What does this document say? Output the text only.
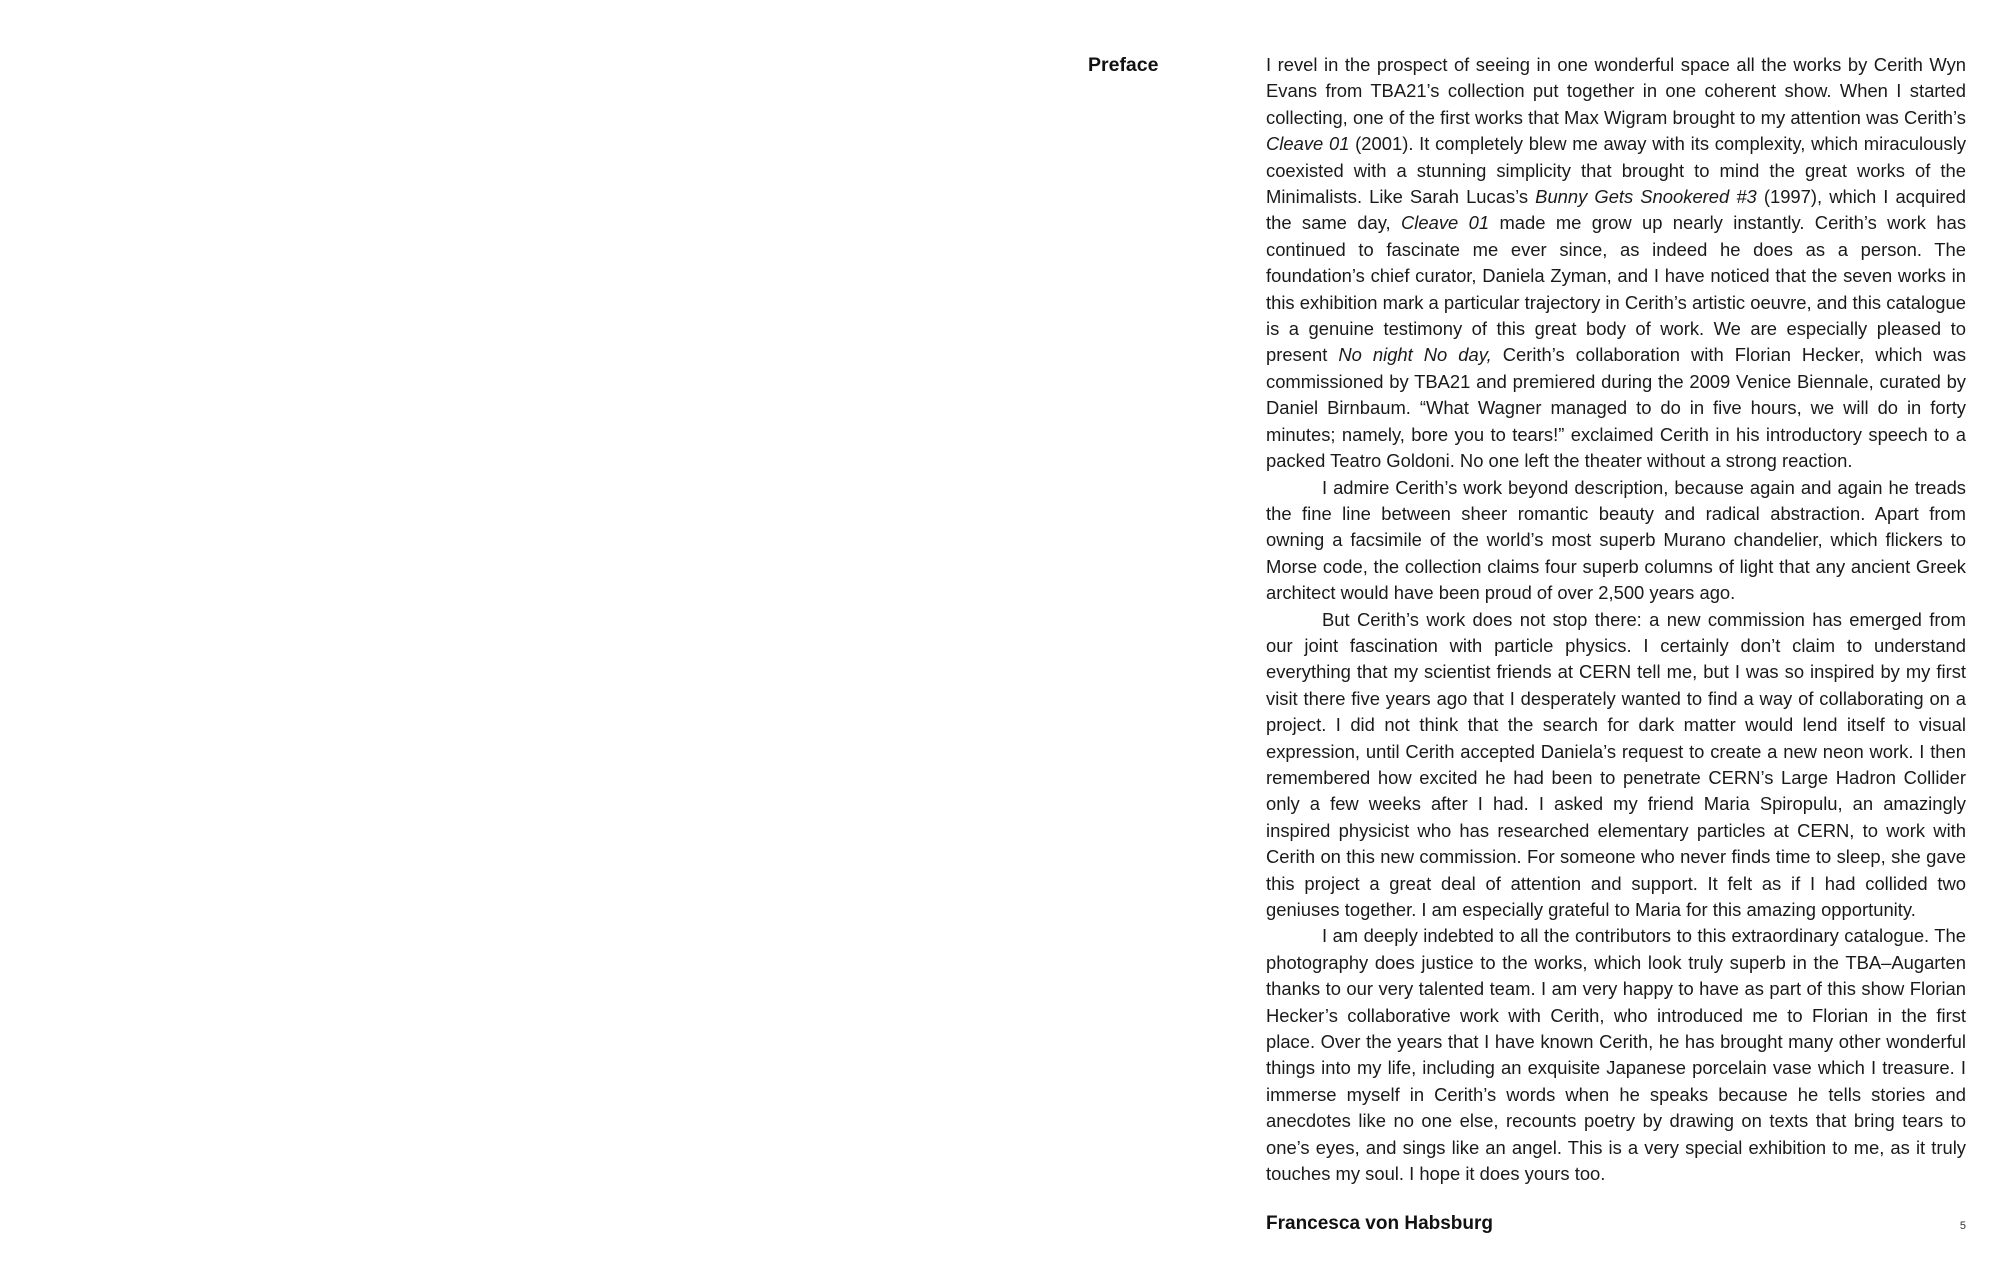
Preface	I revel in the prospect of seeing in one wonderful space all the works by Cerith Wyn Evans from TBA21’s collection put together in one coherent show. When I started collecting, one of the first works that Max Wigram brought to my attention was Cerith’s Cleave 01 (2001). It completely blew me away with its complexity, which miraculously coexisted with a stunning simplicity that brought to mind the great works of the Minimalists. Like Sarah Lucas’s Bunny Gets Snookered #3 (1997), which I acquired the same day, Cleave 01 made me grow up nearly instantly. Cerith’s work has continued to fascinate me ever since, as indeed he does as a person. The foundation’s chief curator, Daniela Zyman, and I have noticed that the seven works in this exhibition mark a particular trajectory in Cerith’s artistic oeuvre, and this catalogue is a genuine testimony of this great body of work. We are especially pleased to present No night No day, Cerith’s collaboration with Florian Hecker, which was commissioned by TBA21 and premiered during the 2009 Venice Biennale, curated by Daniel Birnbaum. “What Wagner managed to do in five hours, we will do in forty minutes; namely, bore you to tears!” exclaimed Cerith in his introductory speech to a packed Teatro Goldoni. No one left the theater without a strong reaction.

I admire Cerith’s work beyond description, because again and again he treads the fine line between sheer romantic beauty and radical abstraction. Apart from owning a facsimile of the world’s most superb Murano chandelier, which flickers to Morse code, the collection claims four superb columns of light that any ancient Greek architect would have been proud of over 2,500 years ago.

But Cerith’s work does not stop there: a new commission has emerged from our joint fascination with particle physics. I certainly don’t claim to understand everything that my scientist friends at CERN tell me, but I was so inspired by my first visit there five years ago that I desperately wanted to find a way of collaborating on a project. I did not think that the search for dark matter would lend itself to visual expression, until Cerith accepted Daniela’s request to create a new neon work. I then remembered how excited he had been to penetrate CERN’s Large Hadron Collider only a few weeks after I had. I asked my friend Maria Spiropulu, an amazingly inspired physicist who has researched elementary particles at CERN, to work with Cerith on this new commission. For someone who never finds time to sleep, she gave this project a great deal of attention and support. It felt as if I had collided two geniuses together. I am especially grateful to Maria for this amazing opportunity.

I am deeply indebted to all the contributors to this extraordinary catalogue. The photography does justice to the works, which look truly superb in the TBA–Augarten thanks to our very talented team. I am very happy to have as part of this show Florian Hecker’s collaborative work with Cerith, who introduced me to Florian in the first place. Over the years that I have known Cerith, he has brought many other wonderful things into my life, including an exquisite Japanese porcelain vase which I treasure. I immerse myself in Cerith’s words when he speaks because he tells stories and anecdotes like no one else, recounts poetry by drawing on texts that bring tears to one’s eyes, and sings like an angel. This is a very special exhibition to me, as it truly touches my soul. I hope it does yours too.

Francesca von Habsburg	5
